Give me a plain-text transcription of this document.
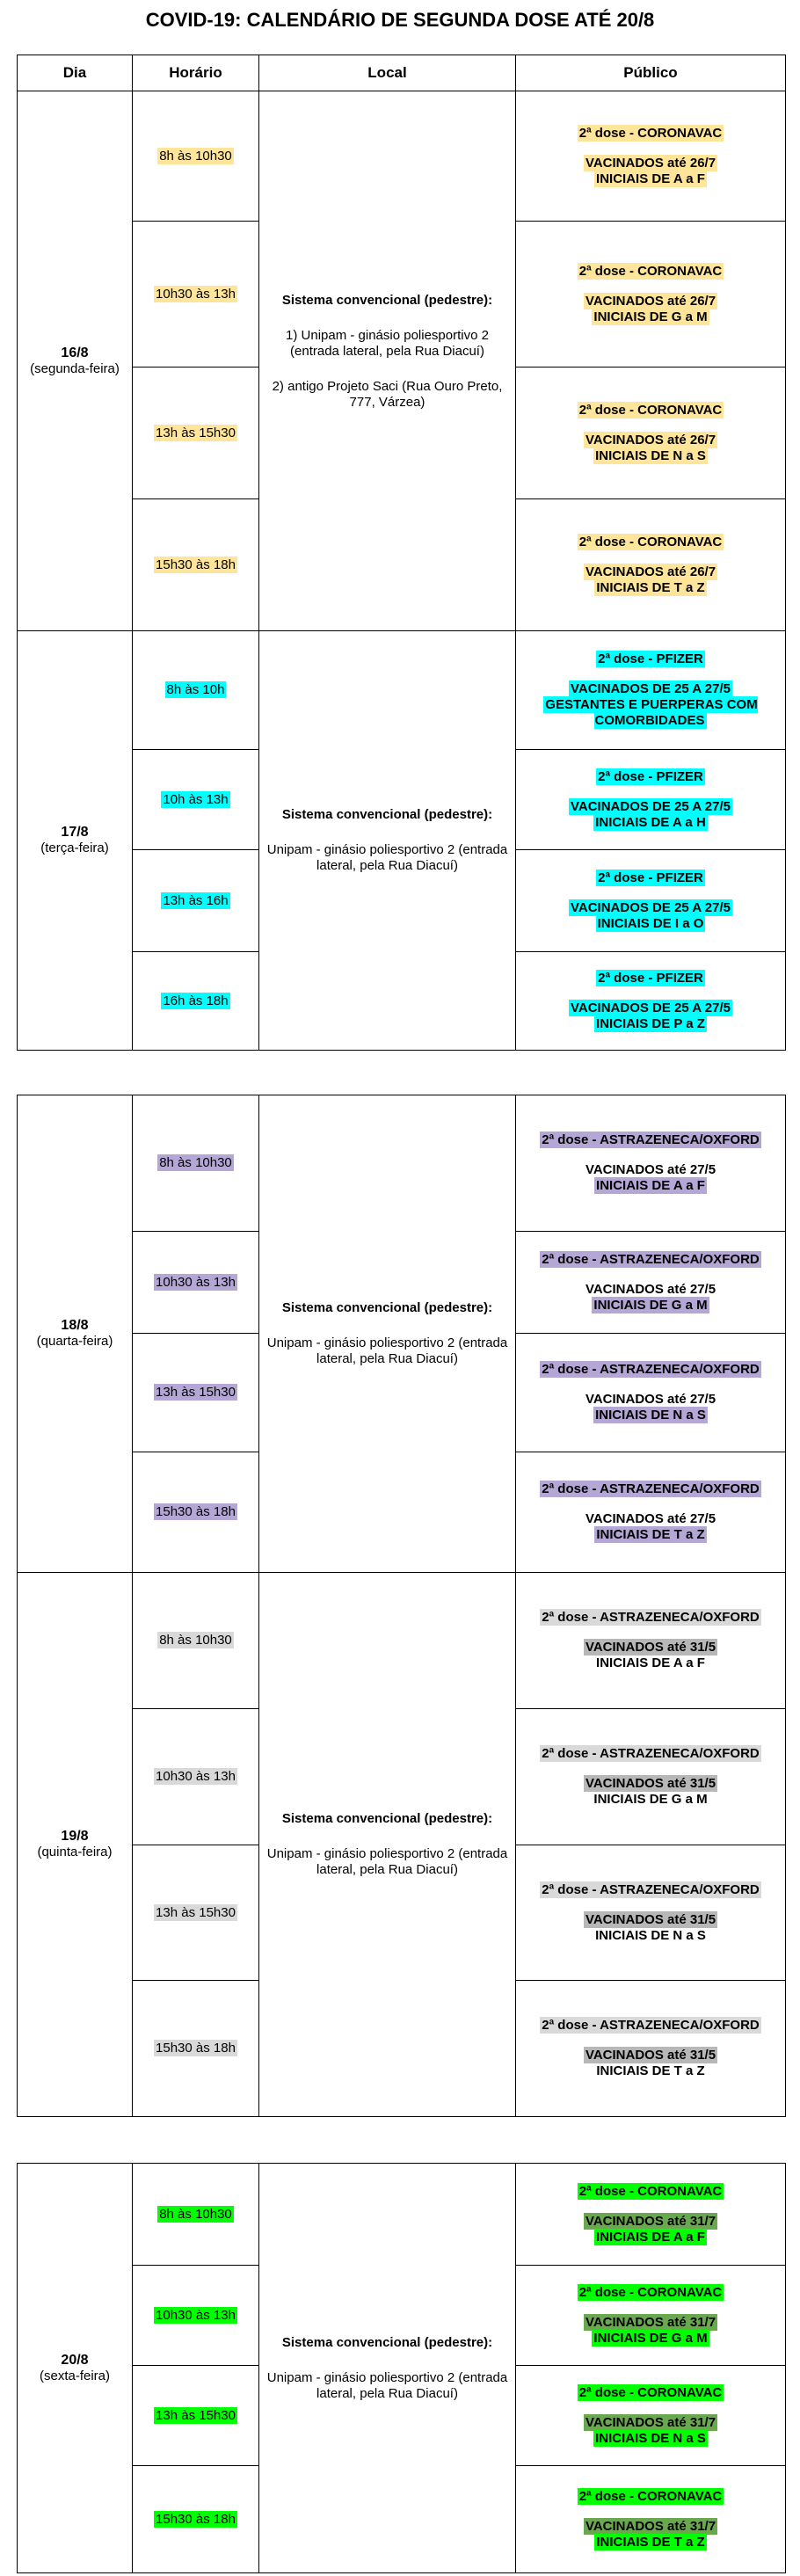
COVID-19: CALENDÁRIO DE SEGUNDA DOSE ATÉ 20/8
Dia	Horário	Local	Público

16/8
(segunda-feira)	8h às 10h30	Sistema convencional (pedestre):
1) Unipam - ginásio poliesportivo 2 (entrada lateral, pela Rua Diacuí)
2) antigo Projeto Saci (Rua Ouro Preto, 777, Várzea)	2ª dose - CORONAVAC
VACINADOS até 26/7
INICIAIS DE A a F
	10h30 às 13h		2ª dose - CORONAVAC
VACINADOS até 26/7
INICIAIS DE G a M
	13h às 15h30		2ª dose - CORONAVAC
VACINADOS até 26/7
INICIAIS DE N a S
	15h30 às 18h		2ª dose - CORONAVAC
VACINADOS até 26/7
INICIAIS DE T a Z

17/8
(terça-feira)	8h às 10h	Sistema convencional (pedestre):
Unipam - ginásio poliesportivo 2 (entrada lateral, pela Rua Diacuí)	2ª dose - PFIZER
VACINADOS DE 25 A 27/5
GESTANTES E PUERPERAS COM COMORBIDADES
	10h às 13h		2ª dose - PFIZER
VACINADOS DE 25 A 27/5
INICIAIS DE A a H
	13h às 16h		2ª dose - PFIZER
VACINADOS DE 25 A 27/5
INICIAIS DE I a O
	16h às 18h		2ª dose - PFIZER
VACINADOS DE 25 A 27/5
INICIAIS DE P a Z
18/8
(quarta-feira)	8h às 10h30	Sistema convencional (pedestre):
Unipam - ginásio poliesportivo 2 (entrada lateral, pela Rua Diacuí)	2ª dose - ASTRAZENECA/OXFORD
VACINADOS até 27/5
INICIAIS DE A a F
	10h30 às 13h		2ª dose - ASTRAZENECA/OXFORD
VACINADOS até 27/5
INICIAIS DE G a M
	13h às 15h30		2ª dose - ASTRAZENECA/OXFORD
VACINADOS até 27/5
INICIAIS DE N a S
	15h30 às 18h		2ª dose - ASTRAZENECA/OXFORD
VACINADOS até 27/5
INICIAIS DE T a Z

19/8
(quinta-feira)	8h às 10h30	Sistema convencional (pedestre):
Unipam - ginásio poliesportivo 2 (entrada lateral, pela Rua Diacuí)	2ª dose - ASTRAZENECA/OXFORD
VACINADOS até 31/5
INICIAIS DE A a F
	10h30 às 13h		2ª dose - ASTRAZENECA/OXFORD
VACINADOS até 31/5
INICIAIS DE G a M
	13h às 15h30		2ª dose - ASTRAZENECA/OXFORD
VACINADOS até 31/5
INICIAIS DE N a S
	15h30 às 18h		2ª dose - ASTRAZENECA/OXFORD
VACINADOS até 31/5
INICIAIS DE T a Z
20/8
(sexta-feira)	8h às 10h30	Sistema convencional (pedestre):
Unipam - ginásio poliesportivo 2 (entrada lateral, pela Rua Diacuí)	2ª dose - CORONAVAC
VACINADOS até 31/7
INICIAIS DE A a F
	10h30 às 13h		2ª dose - CORONAVAC
VACINADOS até 31/7
INICIAIS DE G a M
	13h às 15h30		2ª dose - CORONAVAC
VACINADOS até 31/7
INICIAIS DE N a S
	15h30 às 18h		2ª dose - CORONAVAC
VACINADOS até 31/7
INICIAIS DE T a Z
